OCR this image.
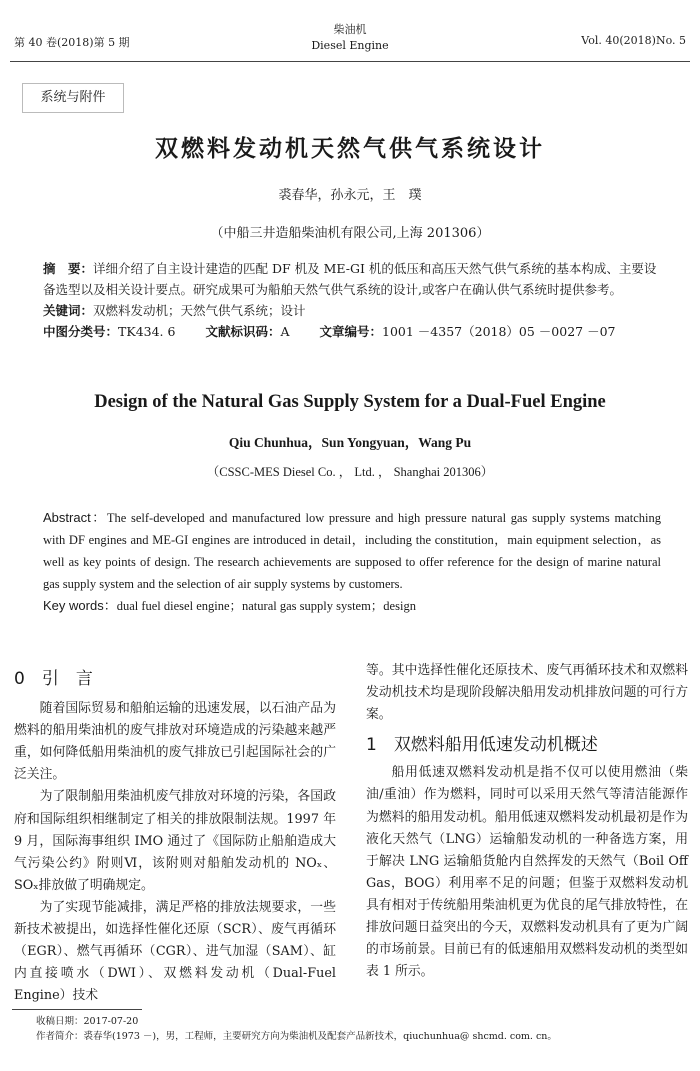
第 40 卷(2018)第 5 期
柴油机
Diesel Engine	Vol. 40(2018)No. 5
系统与附件
双燃料发动机天然气供气系统设计
裘春华，孙永元，王　璞
（中船三井造船柴油机有限公司,上海 201306）
摘　要：详细介绍了自主设计建造的匹配 DF 机及 ME-GI 机的低压和高压天然气供气系统的基本构成、主要设备选型以及相关设计要点。研究成果可为船舶天然气供气系统的设计,或客户在确认供气系统时提供参考。
关键词：双燃料发动机；天然气供气系统；设计
中图分类号：TK434. 6 文献标识码：A 文章编号：1001 －4357（2018）05 －0027 －07
Design of the Natural Gas Supply System for a Dual-Fuel Engine
Qiu Chunhua，Sun Yongyuan，Wang Pu
（CSSC-MES Diesel Co. ， Ltd. ， Shanghai 201306）
Abstract：The self-developed and manufactured low pressure and high pressure natural gas supply systems matching with DF engines and ME-GI engines are introduced in detail，including the constitution，main equipment selection，as well as key points of design. The research achievements are supposed to offer reference for the design of marine natural gas supply system and the selection of air supply systems by customers.
Key words：dual fuel diesel engine；natural gas supply system；design
0　引　言

随着国际贸易和船舶运输的迅速发展，以石油产品为燃料的船用柴油机的废气排放对环境造成的污染越来越严重，如何降低船用柴油机的废气排放已引起国际社会的广泛关注。

为了限制船用柴油机废气排放对环境的污染，各国政府和国际组织相继制定了相关的排放限制法规。1997 年 9 月，国际海事组织 IMO 通过了《国际防止船舶造成大气污染公约》附则Ⅵ，该附则对船舶发动机的 NOₓ、SOₓ排放做了明确规定。

为了实现节能减排，满足严格的排放法规要求，一些新技术被提出，如选择性催化还原（SCR）、废气再循环（EGR）、燃气再循环（CGR）、进气加湿（SAM）、缸内直接喷水（DWI）、双燃料发动机（Dual-Fuel Engine）技术

等。其中选择性催化还原技术、废气再循环技术和双燃料发动机技术均是现阶段解决船用发动机排放问题的可行方案。
1　双燃料船用低速发动机概述

船用低速双燃料发动机是指不仅可以使用燃油（柴油/重油）作为燃料，同时可以采用天然气等清洁能源作为燃料的船用发动机。船用低速双燃料发动机最初是作为液化天然气（LNG）运输船发动机的一种备选方案，用于解决 LNG 运输船货舱内自然挥发的天然气（Boil Off Gas，BOG）利用率不足的问题；但鉴于双燃料发动机具有相对于传统船用柴油机更为优良的尾气排放特性，在排放问题日益突出的今天，双燃料发动机具有了更为广阔的市场前景。目前已有的低速船用双燃料发动机的类型如表 1 所示。

收稿日期：2017-07-20
作者简介：裘春华(1973 －)，男，工程师，主要研究方向为柴油机及配套产品新技术，qiuchunhua@ shcmd. com. cn。
